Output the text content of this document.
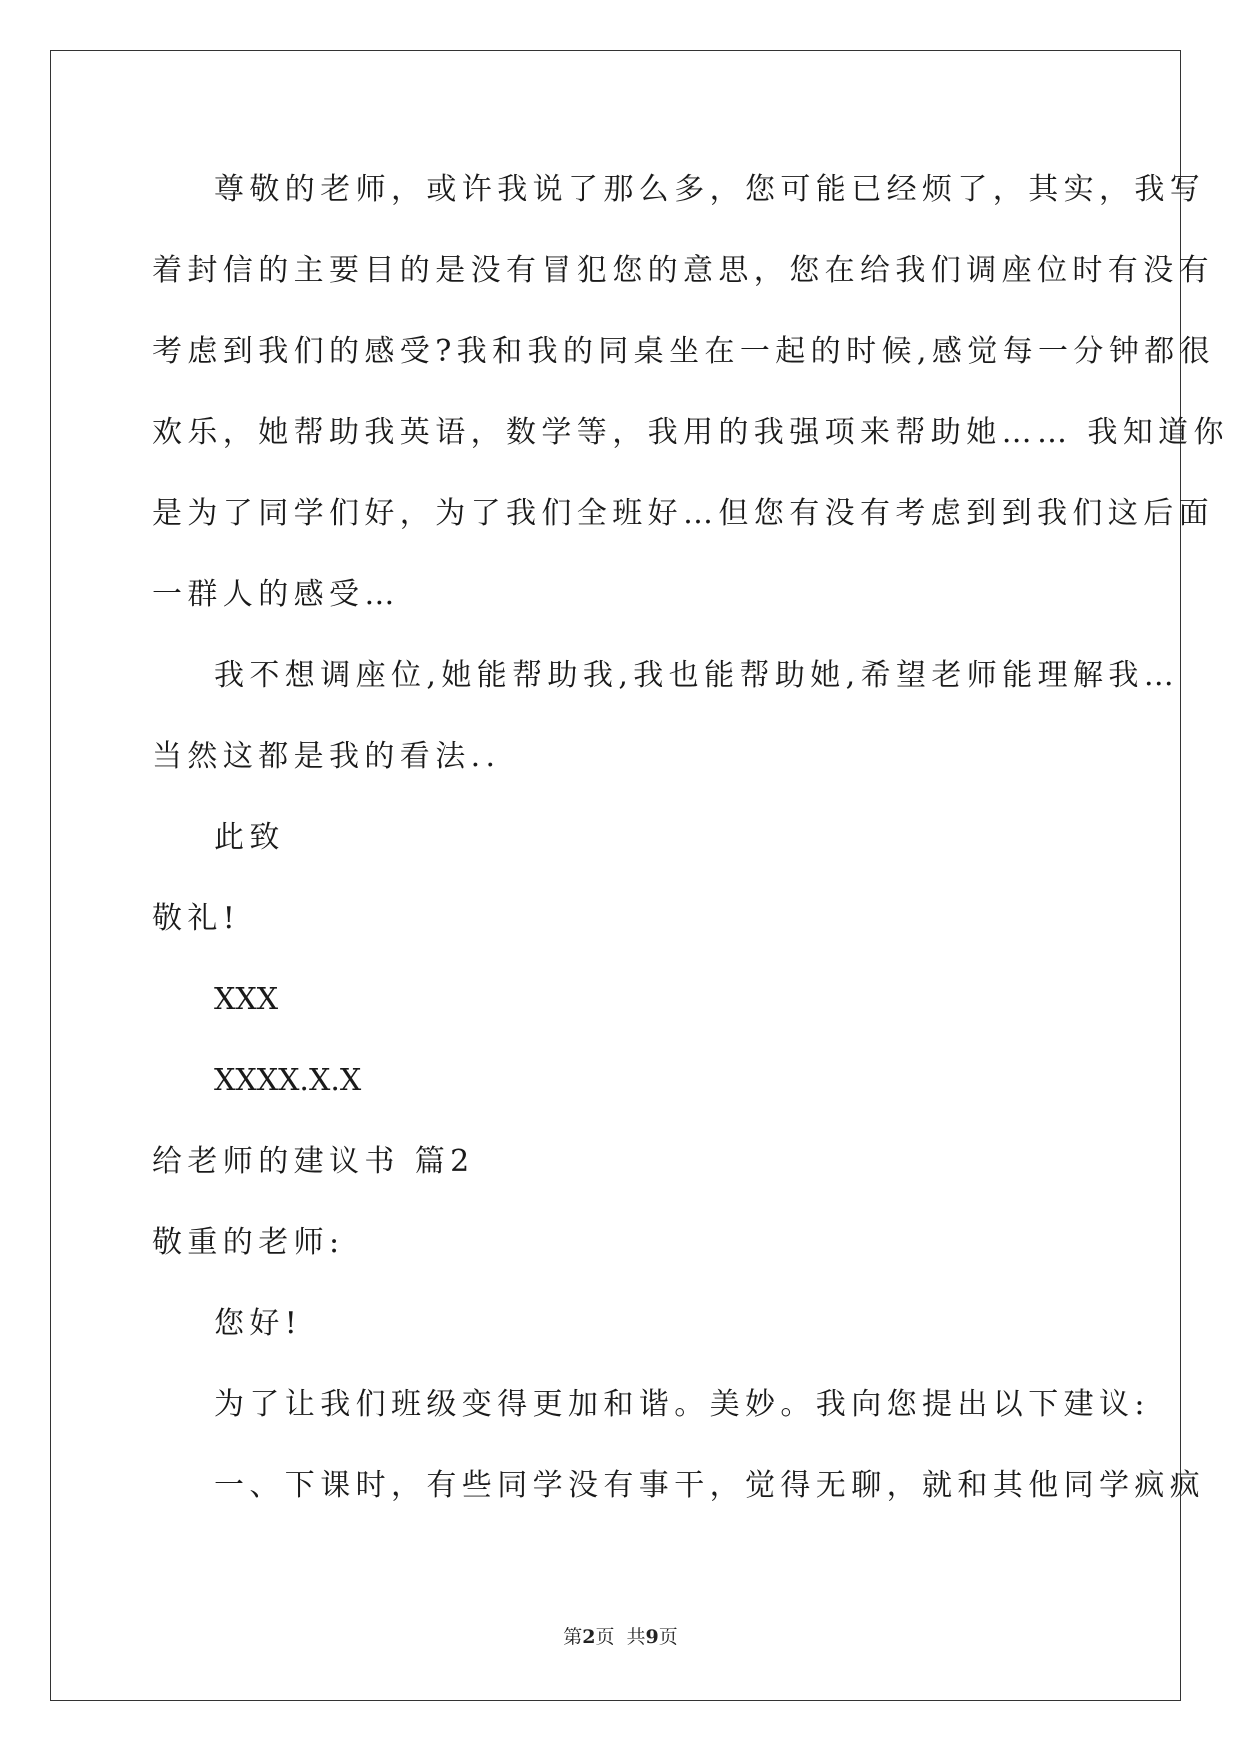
尊敬的老师，或许我说了那么多，您可能已经烦了，其实，我写
着封信的主要目的是没有冒犯您的意思，您在给我们调座位时有没有
考虑到我们的感受?我和我的同桌坐在一起的时候,感觉每一分钟都很
欢乐，她帮助我英语，数学等，我用的我强项来帮助她…… 我知道你
是为了同学们好，为了我们全班好…但您有没有考虑到到我们这后面
一群人的感受…
我不想调座位,她能帮助我,我也能帮助她,希望老师能理解我…
当然这都是我的看法..
此致
敬礼!
XXX
XXXX.X.X
给老师的建议书 篇2
敬重的老师:
您好!
为了让我们班级变得更加和谐。美妙。我向您提出以下建议:
一、下课时，有些同学没有事干，觉得无聊，就和其他同学疯疯
第2页  共9页
